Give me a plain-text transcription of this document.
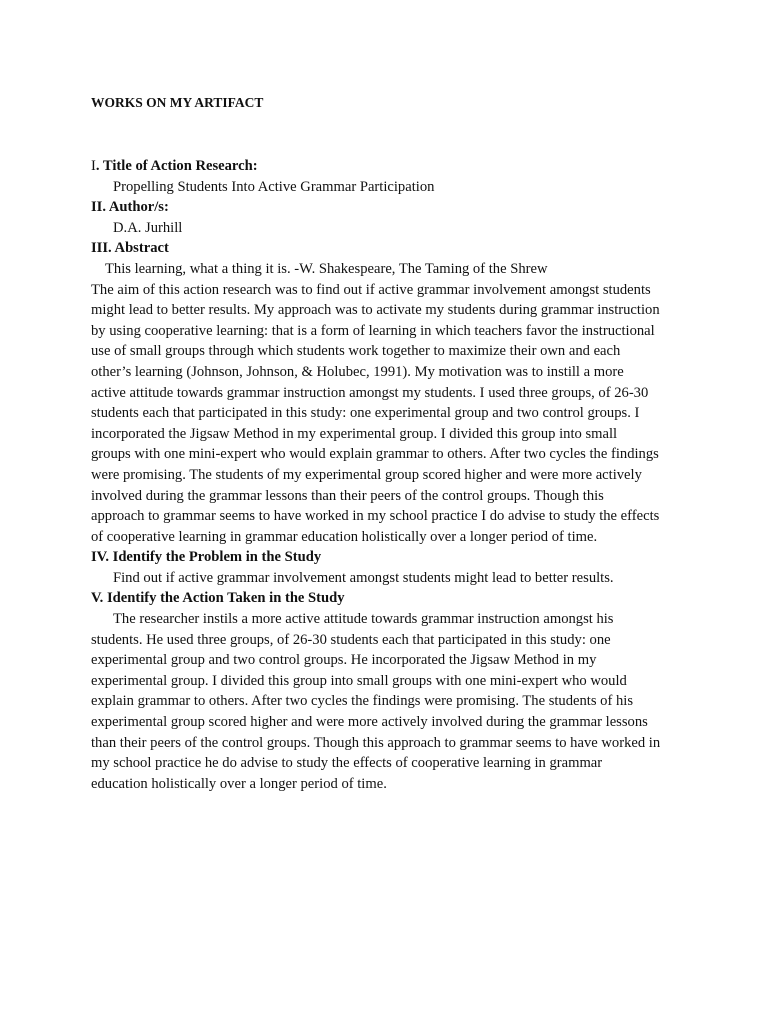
WORKS ON MY ARTIFACT

I. Title of Action Research:

Propelling Students Into Active Grammar Participation

II. Author/s:

D.A. Jurhill

III. Abstract

This learning, what a thing it is. -W. Shakespeare, The Taming of the Shrew

The aim of this action research was to find out if active grammar involvement amongst students

might lead to better results. My approach was to activate my students during grammar instruction

by using cooperative learning: that is a form of learning in which teachers favor the instructional

use of small groups through which students work together to maximize their own and each

other’s learning (Johnson, Johnson, & Holubec, 1991). My motivation was to instill a more

active attitude towards grammar instruction amongst my students. I used three groups, of 26-30

students each that participated in this study: one experimental group and two control groups. I

incorporated the Jigsaw Method in my experimental group. I divided this group into small

groups with one mini-expert who would explain grammar to others. After two cycles the findings

were promising. The students of my experimental group scored higher and were more actively

involved during the grammar lessons than their peers of the control groups. Though this

approach to grammar seems to have worked in my school practice I do advise to study the effects

of cooperative learning in grammar education holistically over a longer period of time.

IV. Identify the Problem in the Study

Find out if active grammar involvement amongst students might lead to better results.

V. Identify the Action Taken in the Study

The researcher instils a more active attitude towards grammar instruction amongst his

students. He used three groups, of 26-30 students each that participated in this study: one

experimental group and two control groups. He incorporated the Jigsaw Method in my

experimental group. I divided this group into small groups with one mini-expert who would

explain grammar to others. After two cycles the findings were promising. The students of his

experimental group scored higher and were more actively involved during the grammar lessons

than their peers of the control groups. Though this approach to grammar seems to have worked in

my school practice he do advise to study the effects of cooperative learning in grammar

education holistically over a longer period of time.
